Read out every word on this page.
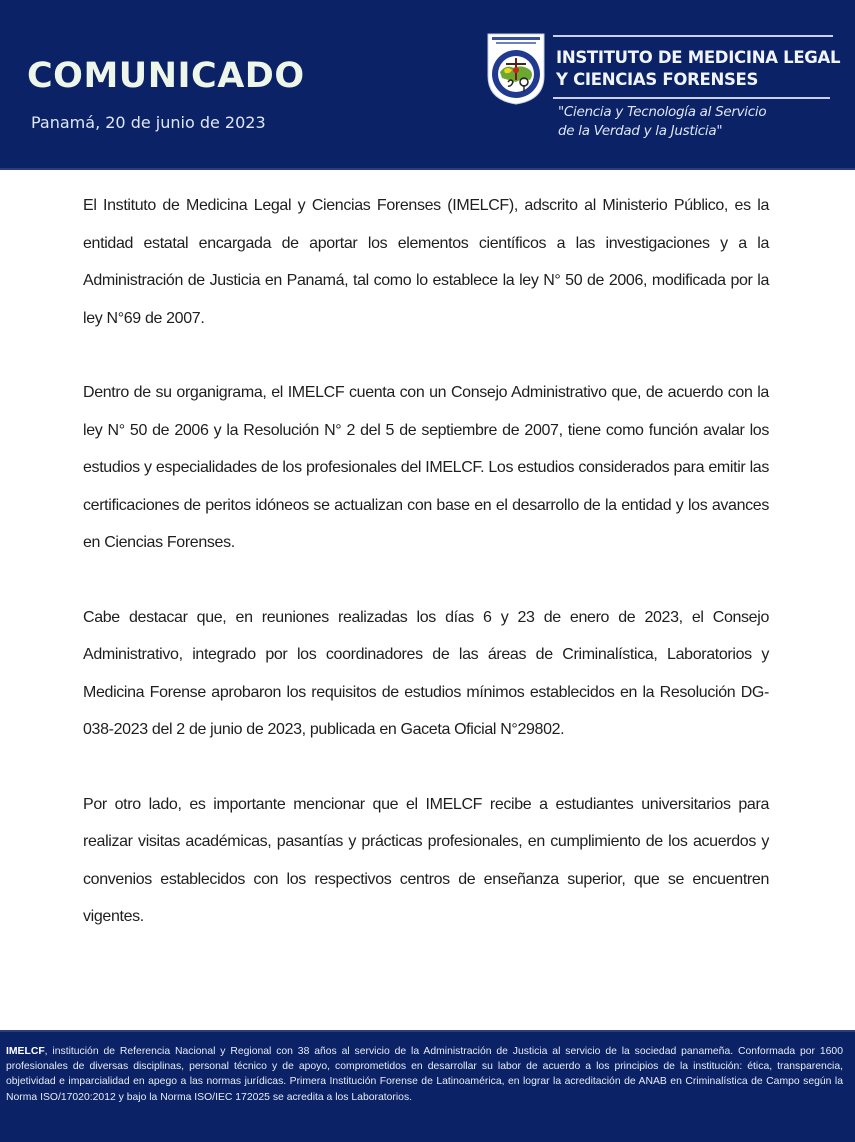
COMUNICADO
Panamá, 20 de junio de 2023
INSTITUTO DE MEDICINA LEGAL
Y CIENCIAS FORENSES
"Ciencia y Tecnología al Servicio
de la Verdad y la Justicia"

El Instituto de Medicina Legal y Ciencias Forenses (IMELCF), adscrito al Ministerio Público, es la entidad estatal encargada de aportar los elementos científicos a las investigaciones y a la Administración de Justicia en Panamá, tal como lo establece la ley N° 50 de 2006, modificada por la ley N°69 de 2007.

Dentro de su organigrama, el IMELCF cuenta con un Consejo Administrativo que, de acuerdo con la ley N° 50 de 2006 y la Resolución N° 2 del 5 de septiembre de 2007, tiene como función avalar los estudios y especialidades de los profesionales del IMELCF. Los estudios considerados para emitir las certificaciones de peritos idóneos se actualizan con base en el desarrollo de la entidad y los avances en Ciencias Forenses.

Cabe destacar que, en reuniones realizadas los días 6 y 23 de enero de 2023, el Consejo Administrativo, integrado por los coordinadores de las áreas de Criminalística, Laboratorios y Medicina Forense aprobaron los requisitos de estudios mínimos establecidos en la Resolución DG-038-2023 del 2 de junio de 2023, publicada en Gaceta Oficial N°29802.

Por otro lado, es importante mencionar que el IMELCF recibe a estudiantes universitarios para realizar visitas académicas, pasantías y prácticas profesionales, en cumplimiento de los acuerdos y convenios establecidos con los respectivos centros de enseñanza superior, que se encuentren vigentes.

IMELCF, institución de Referencia Nacional y Regional con 38 años al servicio de la Administración de Justicia al servicio de la sociedad panameña. Conformada por 1600 profesionales de diversas disciplinas, personal técnico y de apoyo, comprometidos en desarrollar su labor de acuerdo a los principios de la institución: ética, transparencia, objetividad e imparcialidad en apego a las normas jurídicas. Primera Institución Forense de Latinoamérica, en lograr la acreditación de ANAB en Criminalística de Campo según la Norma ISO/17020:2012 y bajo la Norma ISO/IEC 172025 se acredita a los Laboratorios.
